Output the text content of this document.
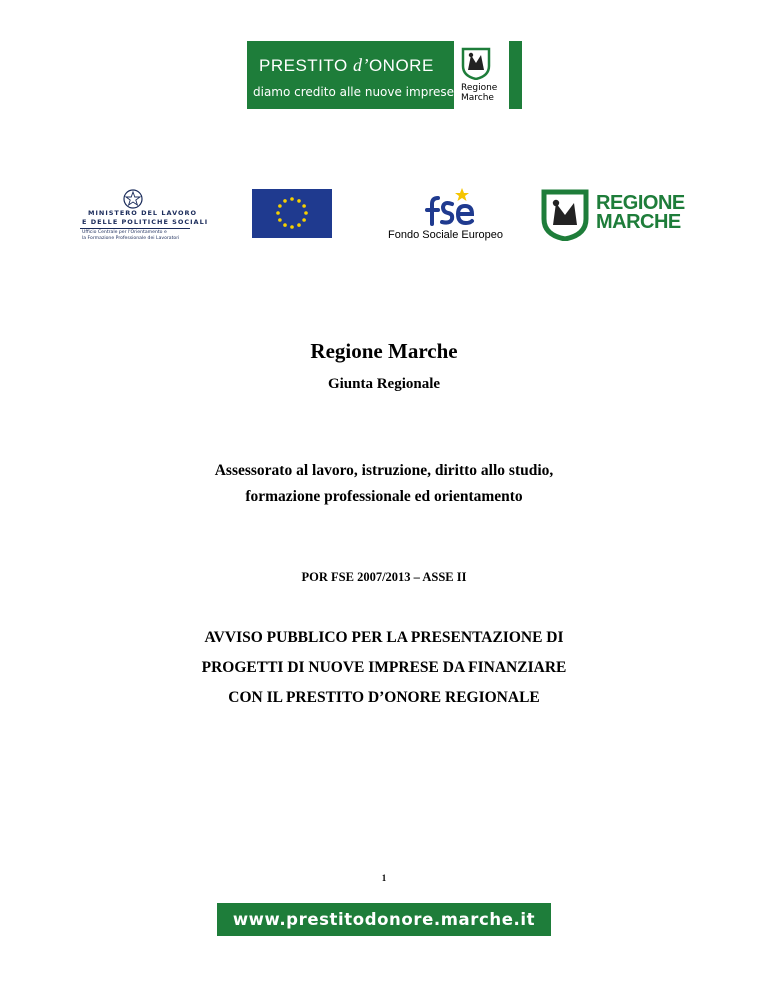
PRESTITO d’ONORE
diamo credito alle nuove imprese Regione
Marche
MINISTERO DEL LAVORO
E DELLE POLITICHE SOCIALI
Ufficio Centrale per l'Orientamento e
la Formazione Professionale dei Lavoratori	Fondo Sociale Europeo
REGIONE
MARCHE
Regione Marche
Giunta Regionale
Assessorato al lavoro, istruzione, diritto allo studio,
formazione professionale ed orientamento
POR FSE 2007/2013 – ASSE II
AVVISO PUBBLICO PER LA PRESENTAZIONE DI
PROGETTI DI NUOVE IMPRESE DA FINANZIARE
CON IL PRESTITO D’ONORE REGIONALE
1
www.prestitodonore.marche.it
